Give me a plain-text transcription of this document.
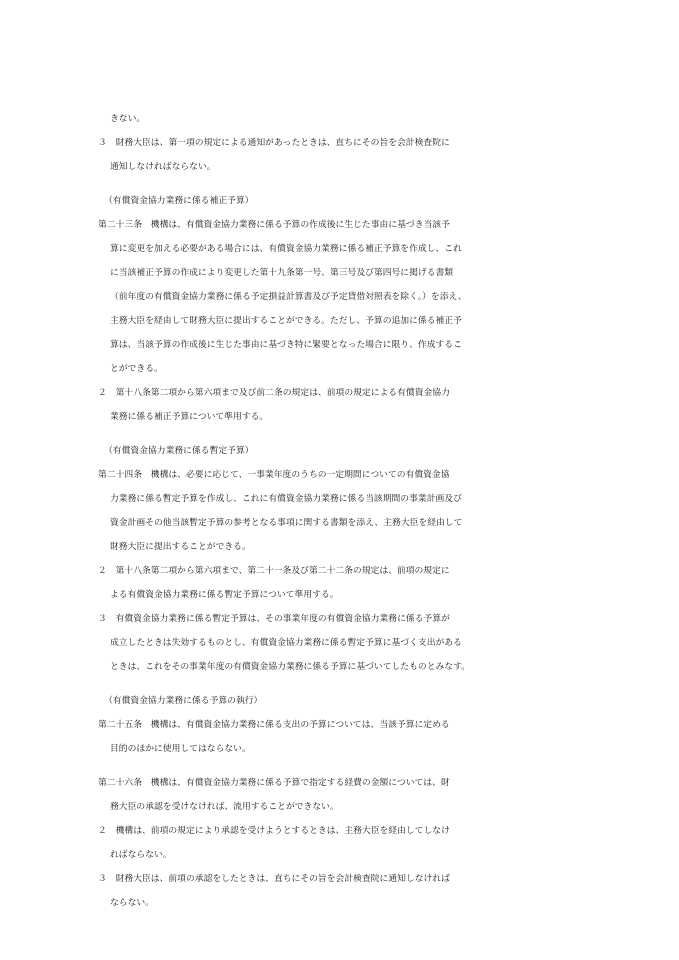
きない。
３　財務大臣は、第一項の規定による通知があったときは、直ちにその旨を会計検査院に
通知しなければならない。
（有償資金協力業務に係る補正予算）
第二十三条　機構は、有償資金協力業務に係る予算の作成後に生じた事由に基づき当該予
算に変更を加える必要がある場合には、有償資金協力業務に係る補正予算を作成し、これ
に当該補正予算の作成により変更した第十九条第一号、第三号及び第四号に掲げる書類
（前年度の有償資金協力業務に係る予定損益計算書及び予定貸借対照表を除く。）を添え、
主務大臣を経由して財務大臣に提出することができる。ただし、予算の追加に係る補正予
算は、当該予算の作成後に生じた事由に基づき特に緊要となった場合に限り、作成するこ
とができる。
２　第十八条第二項から第六項まで及び前二条の規定は、前項の規定による有償資金協力
業務に係る補正予算について準用する。
（有償資金協力業務に係る暫定予算）
第二十四条　機構は、必要に応じて、一事業年度のうちの一定期間についての有償資金協
力業務に係る暫定予算を作成し、これに有償資金協力業務に係る当該期間の事業計画及び
資金計画その他当該暫定予算の参考となる事項に関する書類を添え、主務大臣を経由して
財務大臣に提出することができる。
２　第十八条第二項から第六項まで、第二十一条及び第二十二条の規定は、前項の規定に
よる有償資金協力業務に係る暫定予算について準用する。
３　有償資金協力業務に係る暫定予算は、その事業年度の有償資金協力業務に係る予算が
成立したときは失効するものとし、有償資金協力業務に係る暫定予算に基づく支出がある
ときは、これをその事業年度の有償資金協力業務に係る予算に基づいてしたものとみなす。
（有償資金協力業務に係る予算の執行）
第二十五条　機構は、有償資金協力業務に係る支出の予算については、当該予算に定める
目的のほかに使用してはならない。
第二十六条　機構は、有償資金協力業務に係る予算で指定する経費の金額については、財
務大臣の承認を受けなければ、流用することができない。
２　機構は、前項の規定により承認を受けようとするときは、主務大臣を経由してしなけ
ればならない。
３　財務大臣は、前項の承認をしたときは、直ちにその旨を会計検査院に通知しなければ
ならない。
